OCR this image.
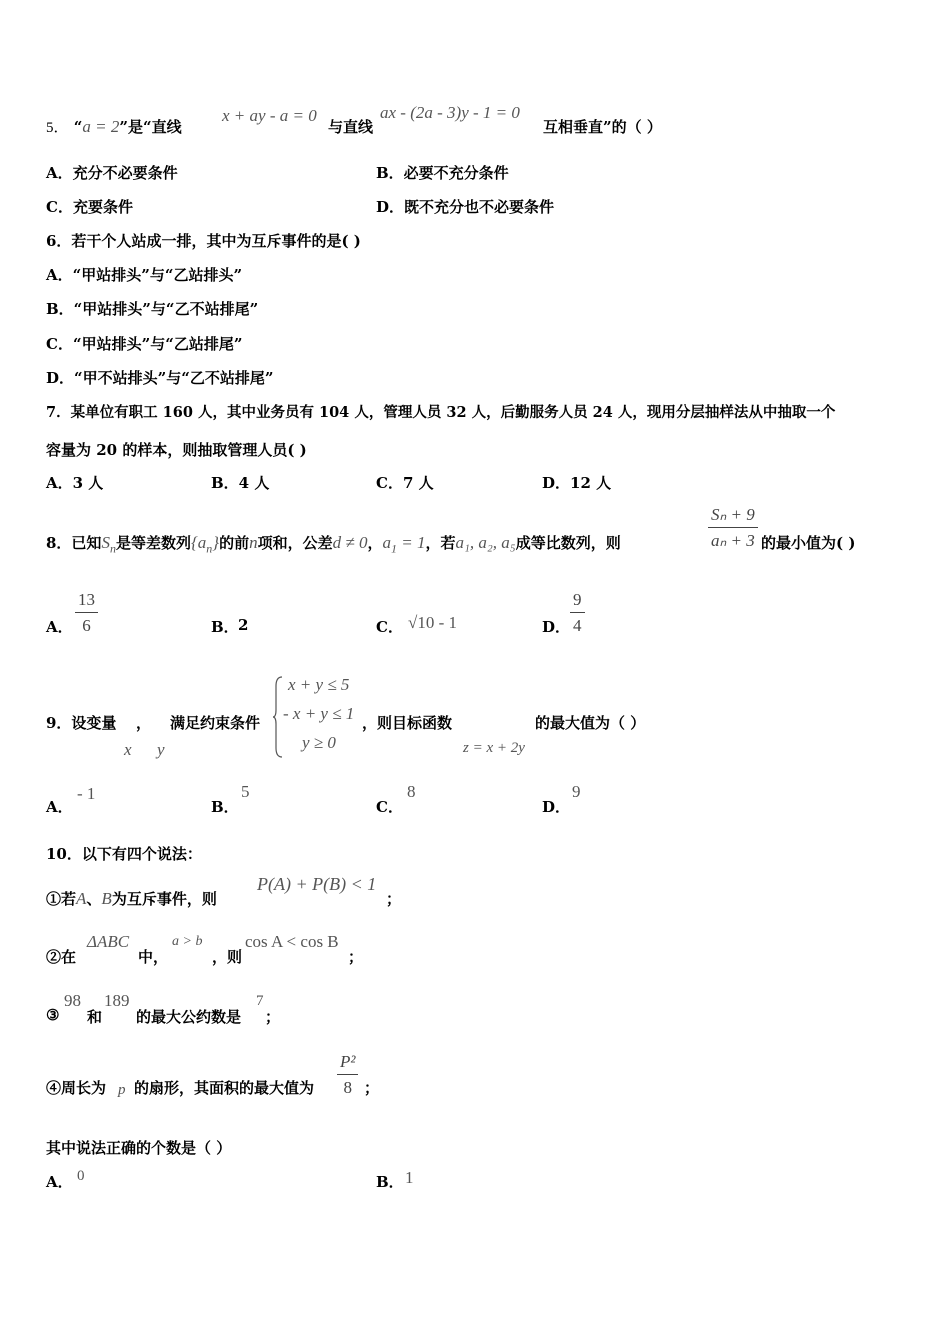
5． “a = 2”是“直线
x + ay - a = 0
与直线
ax - (2a - 3)y - 1 = 0
互相垂直”的（ ）
A．充分不必要条件	B．必要不充分条件
C．充要条件	D．既不充分也不必要条件
6．若干个人站成一排，其中为互斥事件的是( )
A．“甲站排头”与“乙站排头”
B．“甲站排头”与“乙不站排尾”
C．“甲站排头”与“乙站排尾”
D．“甲不站排头”与“乙不站排尾”
7．某单位有职工 160 人，其中业务员有 104 人，管理人员 32 人，后勤服务人员 24 人，现用分层抽样法从中抽取一个
容量为 20 的样本，则抽取管理人员( )
A．3 人	B．4 人	C．7 人	D．12 人
8．已知$S_n$是等差数列$\{a_n\}$的前n项和，公差d ≠ 0，$a_1 = 1$，若a₁, a₂, a₅成等比数列，则	$\frac{\text{Sₙ + 9}}{\text{aₙ + 3}}$ 的最小值为( )
A． $\frac{13}{6}$	B． 2	C． √10 - 1	D． $\frac{9}{4}$
9．设变量
x
，
y
满足约束条件
x + y ≤ 5
- x + y ≤ 1
y ≥ 0
，则目标函数
z = x + 2y
的最大值为（ ）
A．
- 1
B．
5
C．
8
D．
9
10．以下有四个说法：
①若A、B为互斥事件，则
P(A) + P(B) < 1
；
②在
ΔABC
中，
a > b
，则
cos A < cos B
；
③
98
和
189
的最大公约数是
7
；
④周长为 p 的扇形，其面积的最大值为 $\frac{\text{P²}}{8}$ ；
其中说法正确的个数是（ ）
A． 0	B． 1
